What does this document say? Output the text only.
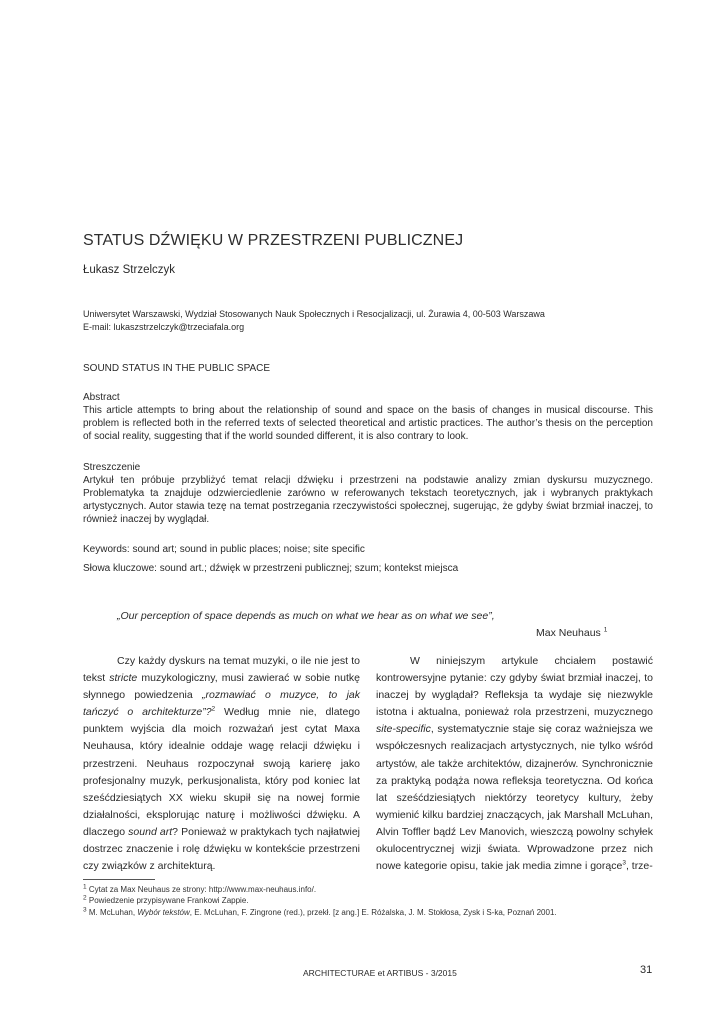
STATUS DŹWIĘKU W PRZESTRZENI PUBLICZNEJ
Łukasz Strzelczyk
Uniwersytet Warszawski, Wydział Stosowanych Nauk Społecznych i Resocjalizacji, ul. Żurawia 4, 00-503 Warszawa
E-mail: lukaszstrzelczyk@trzeciafala.org
SOUND STATUS IN THE PUBLIC SPACE
Abstract
This article attempts to bring about the relationship of sound and space on the basis of changes in musical discourse. This problem is reflected both in the referred texts of selected theoretical and artistic practices. The author’s thesis on the perception of social reality, suggesting that if the world sounded different, it is also contrary to look.
Streszczenie
Artykuł ten próbuje przybliżyć temat relacji dźwięku i przestrzeni na podstawie analizy zmian dyskursu muzycznego. Problematyka ta znajduje odzwierciedlenie zarówno w referowanych tekstach teoretycznych, jak i wybranych praktykach artystycznych. Autor stawia tezę na temat postrzegania rzeczywistości społecznej, sugerując, że gdyby świat brzmiał inaczej, to również inaczej by wyglądał.
Keywords: sound art; sound in public places; noise; site specific
Słowa kluczowe: sound art.; dźwięk w przestrzeni publicznej; szum; kontekst miejsca
„Our perception of space depends as much on what we hear as on what we see”,
Max Neuhaus $^1$

Czy każdy dyskurs na temat muzyki, o ile nie jest to tekst stricte muzykologiczny, musi zawierać w sobie nutkę słynnego powiedzenia „rozmawiać o muzyce, to jak tańczyć o architekturze”?$^2$ Według mnie nie, dlatego punktem wyjścia dla moich rozważań jest cytat Maxa Neuhausa, który idealnie oddaje wagę relacji dźwięku i przestrzeni. Neuhaus rozpoczynał swoją karierę jako profesjonalny muzyk, perkusjonalista, który pod koniec lat sześćdziesiątych XX wieku skupił się na nowej formie działalności, eksplorując naturę i możliwości dźwięku. A dlaczego sound art? Ponieważ w praktykach tych najłatwiej dostrzec znaczenie i rolę dźwięku w kontekście przestrzeni czy związków z architekturą.

W niniejszym artykule chciałem postawić kontrowersyjne pytanie: czy gdyby świat brzmiał inaczej, to inaczej by wyglądał? Refleksja ta wydaje się niezwykle istotna i aktualna, ponieważ rola przestrzeni, muzycznego site-specific, systematycznie staje się coraz ważniejsza we współczesnych realizacjach artystycznych, nie tylko wśród artystów, ale także architektów, dizajnerów. Synchronicznie za praktyką podąża nowa refleksja teoretyczna. Od końca lat sześćdziesiątych niektórzy teoretycy kultury, żeby wymienić kilku bardziej znaczących, jak Marshall McLuhan, Alvin Toffler bądź Lev Manovich, wieszczą powolny schyłek okulocentrycznej wizji świata. Wprowadzone przez nich nowe kategorie opisu, takie jak media zimne i gorące$^3$, trze-

$^1$ Cytat za Max Neuhaus ze strony: http://www.max-neuhaus.info/.
$^2$ Powiedzenie przypisywane Frankowi Zappie.
$^3$ M. McLuhan, Wybór tekstów, E. McLuhan, F. Zingrone (red.), przekł. [z ang.] E. Różalska, J. M. Stokłosa, Zysk i S-ka, Poznań 2001.
ARCHITECTURAE et ARTIBUS - 3/2015	31
